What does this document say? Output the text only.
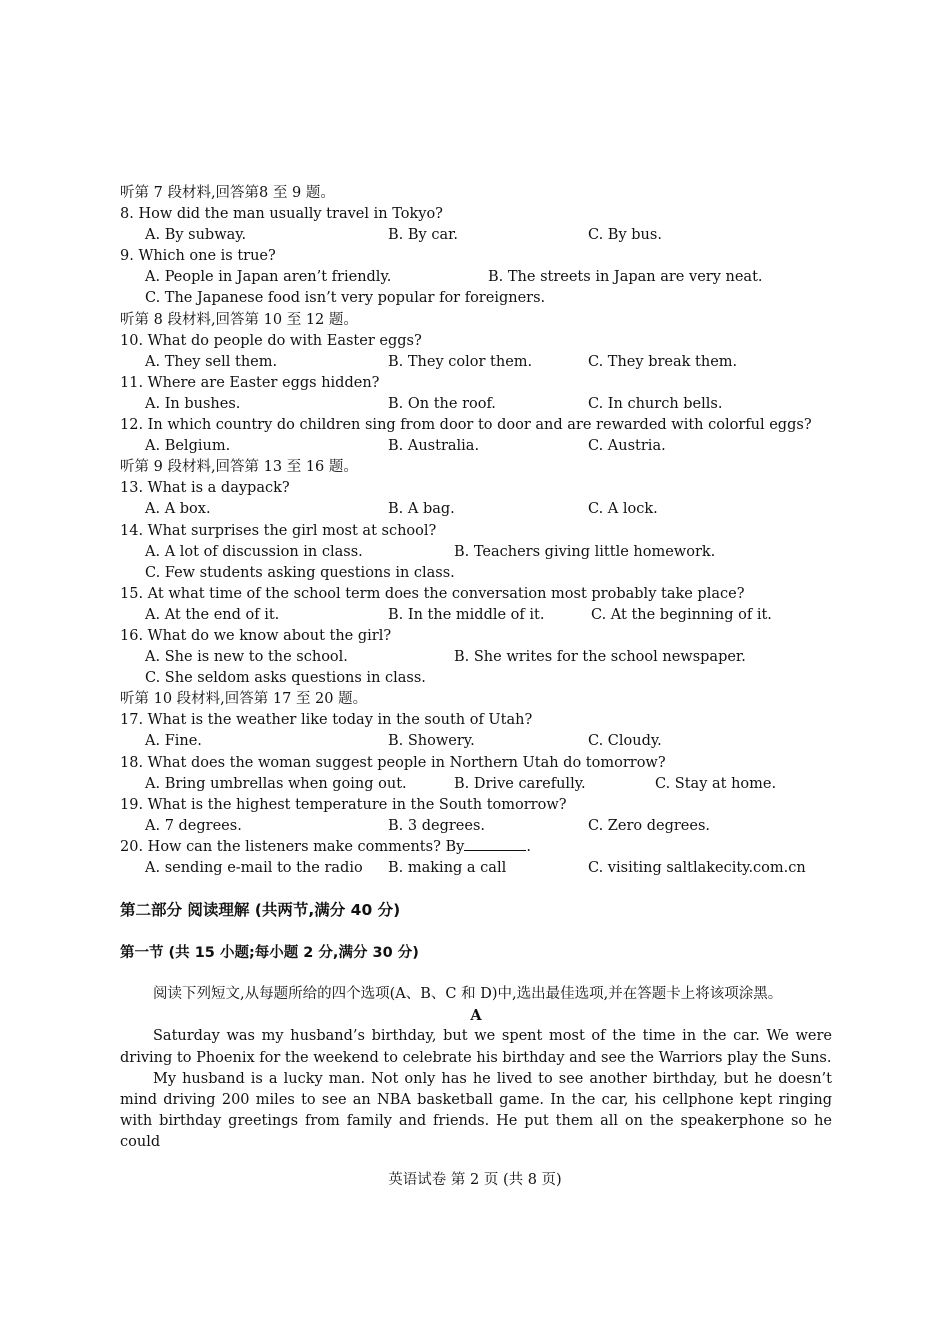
听第 7 段材料,回答第8 至 9 题。
8. How did the man usually travel in Tokyo?
A. By subway.	B. By car.	C. By bus.
9. Which one is true?
A. People in Japan aren’t friendly.	B. The streets in Japan are very neat.
C. The Japanese food isn’t very popular for foreigners.
听第 8 段材料,回答第 10 至 12 题。
10. What do people do with Easter eggs?
A. They sell them.	B. They color them.	C. They break them.
11. Where are Easter eggs hidden?
A. In bushes.	B. On the roof.	C. In church bells.
12. In which country do children sing from door to door and are rewarded with colorful eggs?
A. Belgium.	B. Australia.	C. Austria.
听第 9 段材料,回答第 13 至 16 题。
13. What is a daypack?
A. A box.	B. A bag.	C. A lock.
14. What surprises the girl most at school?
A. A lot of discussion in class.	B. Teachers giving little homework.
C. Few students asking questions in class.
15. At what time of the school term does the conversation most probably take place?
A. At the end of it.	B. In the middle of it.	C. At the beginning of it.
16. What do we know about the girl?
A. She is new to the school.	B. She writes for the school newspaper.
C. She seldom asks questions in class.
听第 10 段材料,回答第 17 至 20 题。
17. What is the weather like today in the south of Utah?
A. Fine.	B. Showery.	C. Cloudy.
18. What does the woman suggest people in Northern Utah do tomorrow?
A. Bring umbrellas when going out.	B. Drive carefully.	C. Stay at home.
19. What is the highest temperature in the South tomorrow?
A. 7 degrees.	B. 3 degrees.	C. Zero degrees.
20. How can the listeners make comments? By	.
A. sending e-mail to the radio B. making a call	C. visiting saltlakecity.com.cn
第二部分 阅读理解 (共两节,满分 40 分)
第一节 (共 15 小题;每小题 2 分,满分 30 分)
阅读下列短文,从每题所给的四个选项(A、B、C 和 D)中,选出最佳选项,并在答题卡上将该项涂黑。
A
Saturday was my husband’s birthday, but we spent most of the time in the car. We were driving to Phoenix for the weekend to celebrate his birthday and see the Warriors play the Suns.
My husband is a lucky man. Not only has he lived to see another birthday, but he doesn’t mind driving 200 miles to see an NBA basketball game. In the car, his cellphone kept ringing with birthday greetings from family and friends. He put them all on the speakerphone so he could
英语试卷 第 2 页 (共 8 页)
